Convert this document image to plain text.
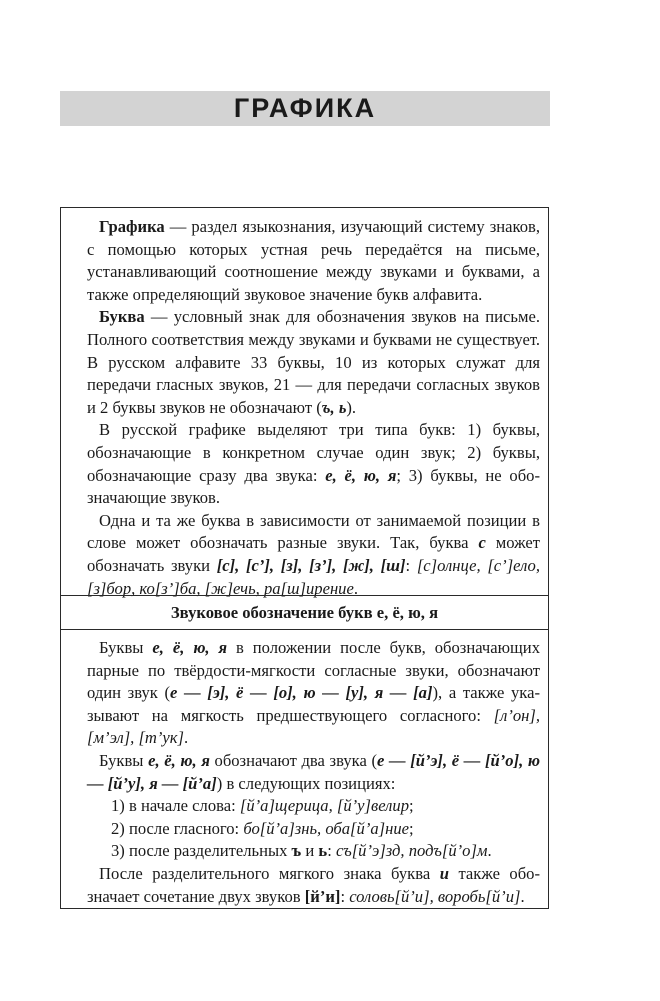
ГРАФИКА

Графика — раздел языкознания, изучающий систему знаков, с помощью которых устная речь передаётся на письме, устанавливающий соотношение между звуками и буквами, а также определяющий звуковое значение букв алфавита.

Буква — условный знак для обозначения звуков на письме. Полного соответствия между звуками и буквами не существует. В русском алфавите 33 буквы, 10 из которых служат для передачи гласных звуков, 21 — для передачи согласных звуков и 2 буквы звуков не обозначают (ъ, ь).

В русской графике выделяют три типа букв: 1) буквы, обозначающие в конкретном случае один звук; 2) буквы, обозначающие сразу два звука: е, ё, ю, я; 3) буквы, не обозначающие звуков.

Одна и та же буква в зависимости от занимаемой позиции в слове может обозначать разные звуки. Так, буква с может обозначать звуки [с], [с’], [з], [з’], [ж], [ш]: [с]олнце, [с’]ело, [з]бор, ко[з’]ба, [ж]ечь, ра[ш]ирение.

Звуковое обозначение букв е, ё, ю, я

Буквы е, ё, ю, я в положении после букв, обозначающих парные по твёрдости-мягкости согласные звуки, обозначают один звук (е — [э], ё — [о], ю — [у], я — [а]), а также указывают на мягкость предшествующего согласного: [л’он], [м’эл], [т’ук].

Буквы е, ё, ю, я обозначают два звука (е — [й’э], ё — [й’о], ю — [й’у], я — [й’а]) в следующих позициях:

1) в начале слова: [й’а]щерица, [й’у]велир;

2) после гласного: бо[й’а]знь, оба[й’а]ние;

3) после разделительных ъ и ь: съ[й’э]зд, подъ[й’о]м.

После разделительного мягкого знака буква и также обозначает сочетание двух звуков [й’и]: соловь[й’и], воробь[й’и].
